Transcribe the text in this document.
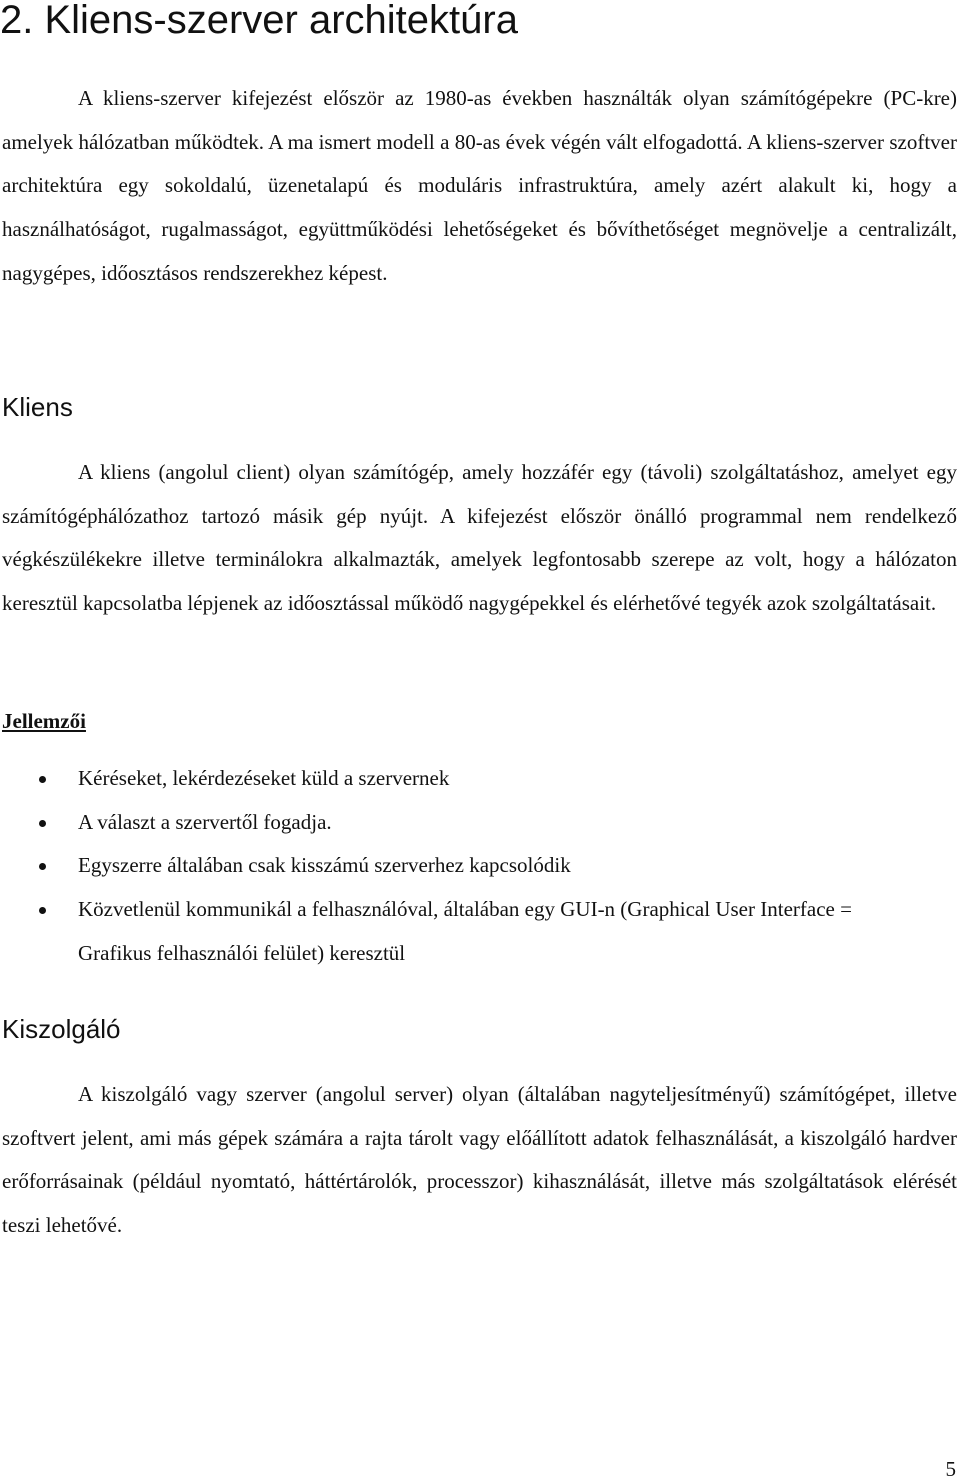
2. Kliens-szerver architektúra

A kliens-szerver kifejezést először az 1980-as években használták olyan számítógépekre (PC-kre) amelyek hálózatban működtek. A ma ismert modell a 80-as évek végén vált elfogadottá. A kliens-szerver szoftver architektúra egy sokoldalú, üzenetalapú és moduláris infrastruktúra, amely azért alakult ki, hogy a használhatóságot, rugalmasságot, együttműködési lehetőségeket és bővíthetőséget megnövelje a centralizált, nagygépes, időosztásos rendszerekhez képest.

Kliens

A kliens (angolul client) olyan számítógép, amely hozzáfér egy (távoli) szolgáltatáshoz, amelyet egy számítógéphálózathoz tartozó másik gép nyújt. A kifejezést először önálló programmal nem rendelkező végkészülékekre illetve terminálokra alkalmazták, amelyek legfontosabb szerepe az volt, hogy a hálózaton keresztül kapcsolatba lépjenek az időosztással működő nagygépekkel és elérhetővé tegyék azok szolgáltatásait.

Jellemzői
Kéréseket, lekérdezéseket küld a szervernek
A választ a szervertől fogadja.
Egyszerre általában csak kisszámú szerverhez kapcsolódik
Közvetlenül kommunikál a felhasználóval, általában egy GUI-n (Graphical User Interface = Grafikus felhasználói felület) keresztül
Kiszolgáló

A kiszolgáló vagy szerver (angolul server) olyan (általában nagyteljesítményű) számítógépet, illetve szoftvert jelent, ami más gépek számára a rajta tárolt vagy előállított adatok felhasználását, a kiszolgáló hardver erőforrásainak (például nyomtató, háttértárolók, processzor) kihasználását, illetve más szolgáltatások elérését teszi lehetővé.

5
